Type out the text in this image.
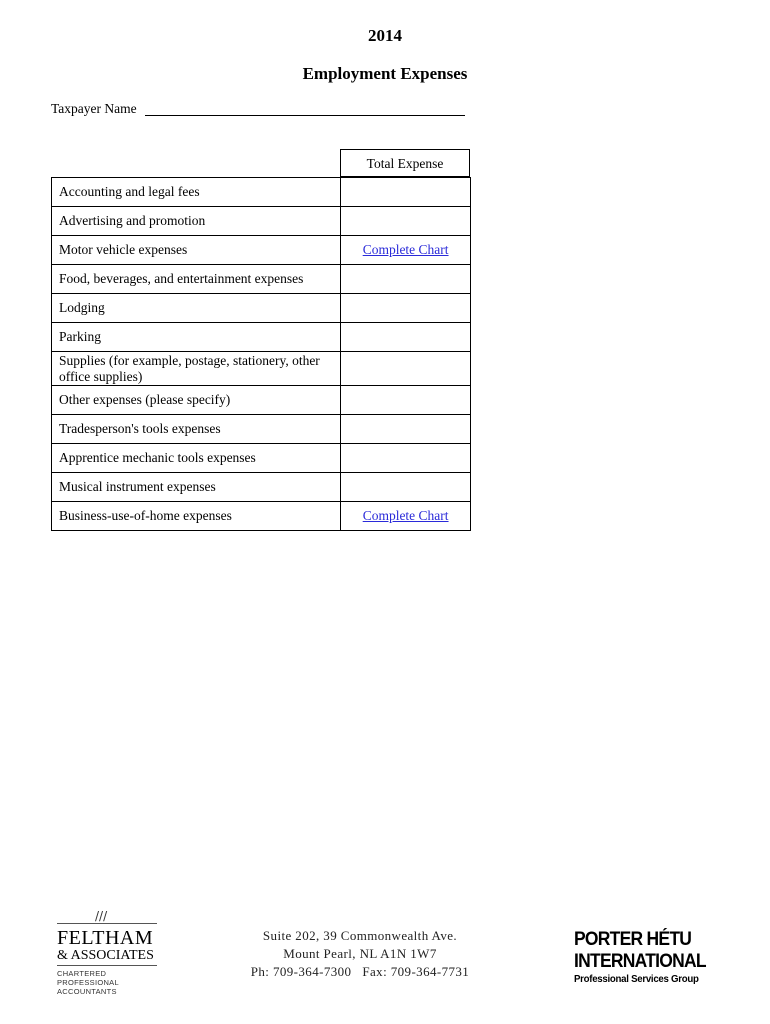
2014
Employment Expenses
Taxpayer Name
Total Expense
Accounting and legal fees	
Advertising and promotion	
Motor vehicle expenses	Complete Chart
Food, beverages, and entertainment expenses	
Lodging	
Parking	
Supplies (for example, postage, stationery, other office supplies)	
Other expenses (please specify)	
Tradesperson's tools expenses	
Apprentice mechanic tools expenses	
Musical instrument expenses	
Business-use-of-home expenses	Complete Chart
///
FELTHAM
& ASSOCIATES
CHARTERED PROFESSIONAL
ACCOUNTANTS
Suite 202, 39 Commonwealth Ave.
Mount Pearl, NL A1N 1W7
Ph: 709-364-7300   Fax: 709-364-7731
PORTER HÉTU
INTERNATIONAL
Professional Services Group
